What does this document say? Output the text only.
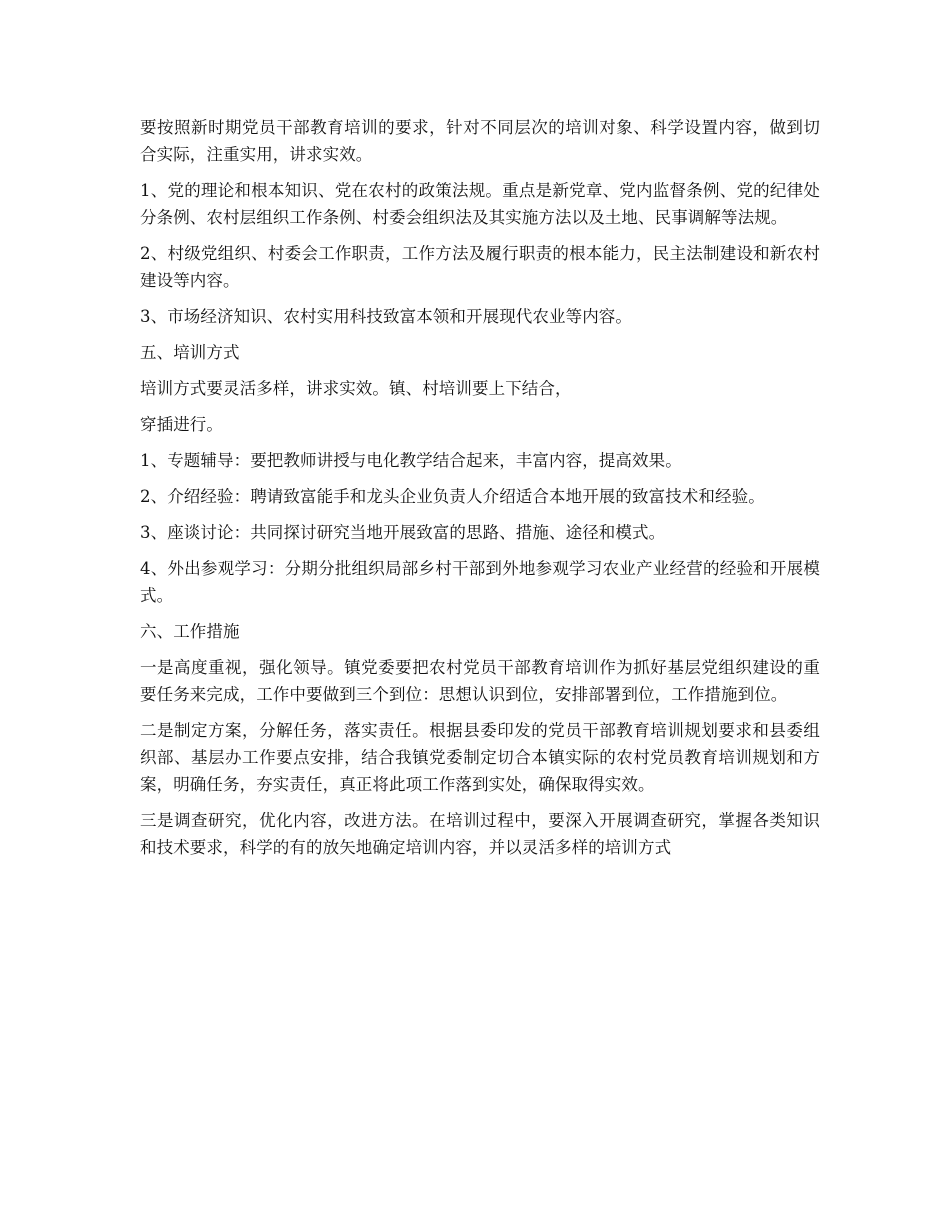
要按照新时期党员干部教育培训的要求，针对不同层次的培训对象、科学设置内容，做到切合实际，注重实用，讲求实效。

1、党的理论和根本知识、党在农村的政策法规。重点是新党章、党内监督条例、党的纪律处分条例、农村层组织工作条例、村委会组织法及其实施方法以及土地、民事调解等法规。

2、村级党组织、村委会工作职责，工作方法及履行职责的根本能力，民主法制建设和新农村建设等内容。

3、市场经济知识、农村实用科技致富本领和开展现代农业等内容。

五、培训方式

培训方式要灵活多样，讲求实效。镇、村培训要上下结合，

穿插进行。

1、专题辅导：要把教师讲授与电化教学结合起来，丰富内容，提高效果。

2、介绍经验：聘请致富能手和龙头企业负责人介绍适合本地开展的致富技术和经验。

3、座谈讨论：共同探讨研究当地开展致富的思路、措施、途径和模式。

4、外出参观学习：分期分批组织局部乡村干部到外地参观学习农业产业经营的经验和开展模式。

六、工作措施

一是高度重视，强化领导。镇党委要把农村党员干部教育培训作为抓好基层党组织建设的重要任务来完成，工作中要做到三个到位：思想认识到位，安排部署到位，工作措施到位。

二是制定方案，分解任务，落实责任。根据县委印发的党员干部教育培训规划要求和县委组织部、基层办工作要点安排，结合我镇党委制定切合本镇实际的农村党员教育培训规划和方案，明确任务，夯实责任，真正将此项工作落到实处，确保取得实效。

三是调查研究，优化内容，改进方法。在培训过程中，要深入开展调查研究，掌握各类知识和技术要求，科学的有的放矢地确定培训内容，并以灵活多样的培训方式
